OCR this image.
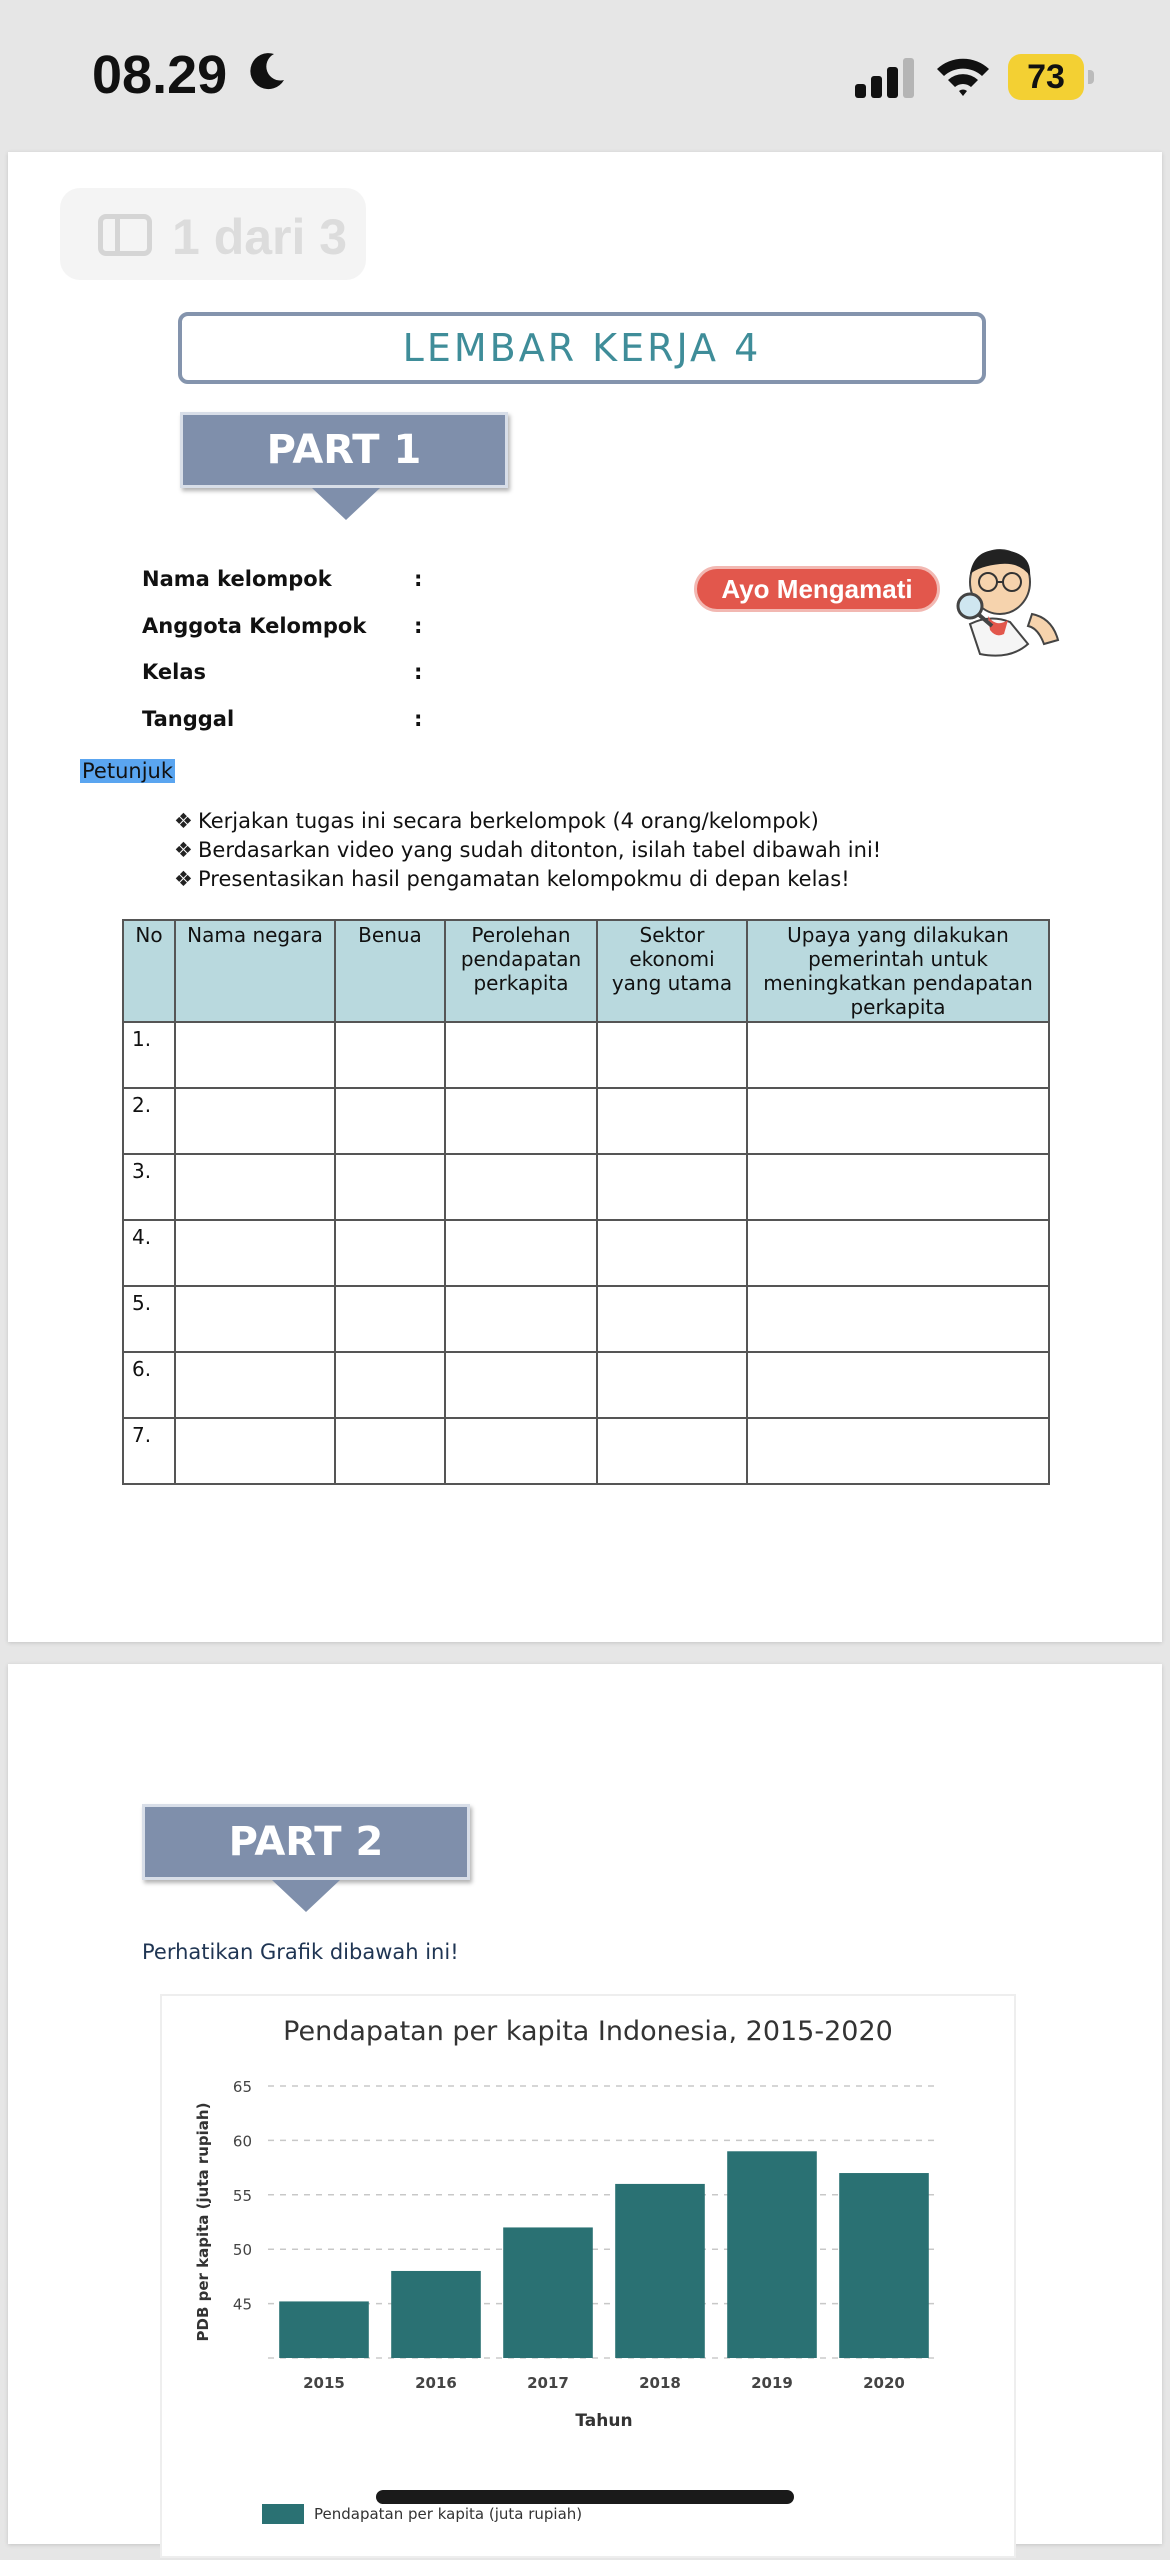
08.29	73
1 dari 3
LEMBAR KERJA 4
PART 1
Ayo Mengamati
Nama kelompok	:
Anggota Kelompok :
Kelas	:
Tanggal	:
Petunjuk
❖ Kerjakan tugas ini secara berkelompok (4 orang/kelompok)
❖ Berdasarkan video yang sudah ditonton, isilah tabel dibawah ini!
❖ Presentasikan hasil pengamatan kelompokmu di depan kelas!
No	Nama negara	Benua	Perolehan pendapatan perkapita	Sektor ekonomi yang utama	Upaya yang dilakukan pemerintah untuk meningkatkan pendapatan perkapita
1.					
2.					
3.					
4.					
5.					
6.					
7.					
PART 2
Perhatikan Grafik dibawah ini!
Pendapatan per kapita Indonesia, 2015-2020
45
50
55
60
65
2015	2016	2017	2018	2019	2020
Tahun
PDB per kapita (juta rupiah)
Pendapatan per kapita (juta rupiah)
